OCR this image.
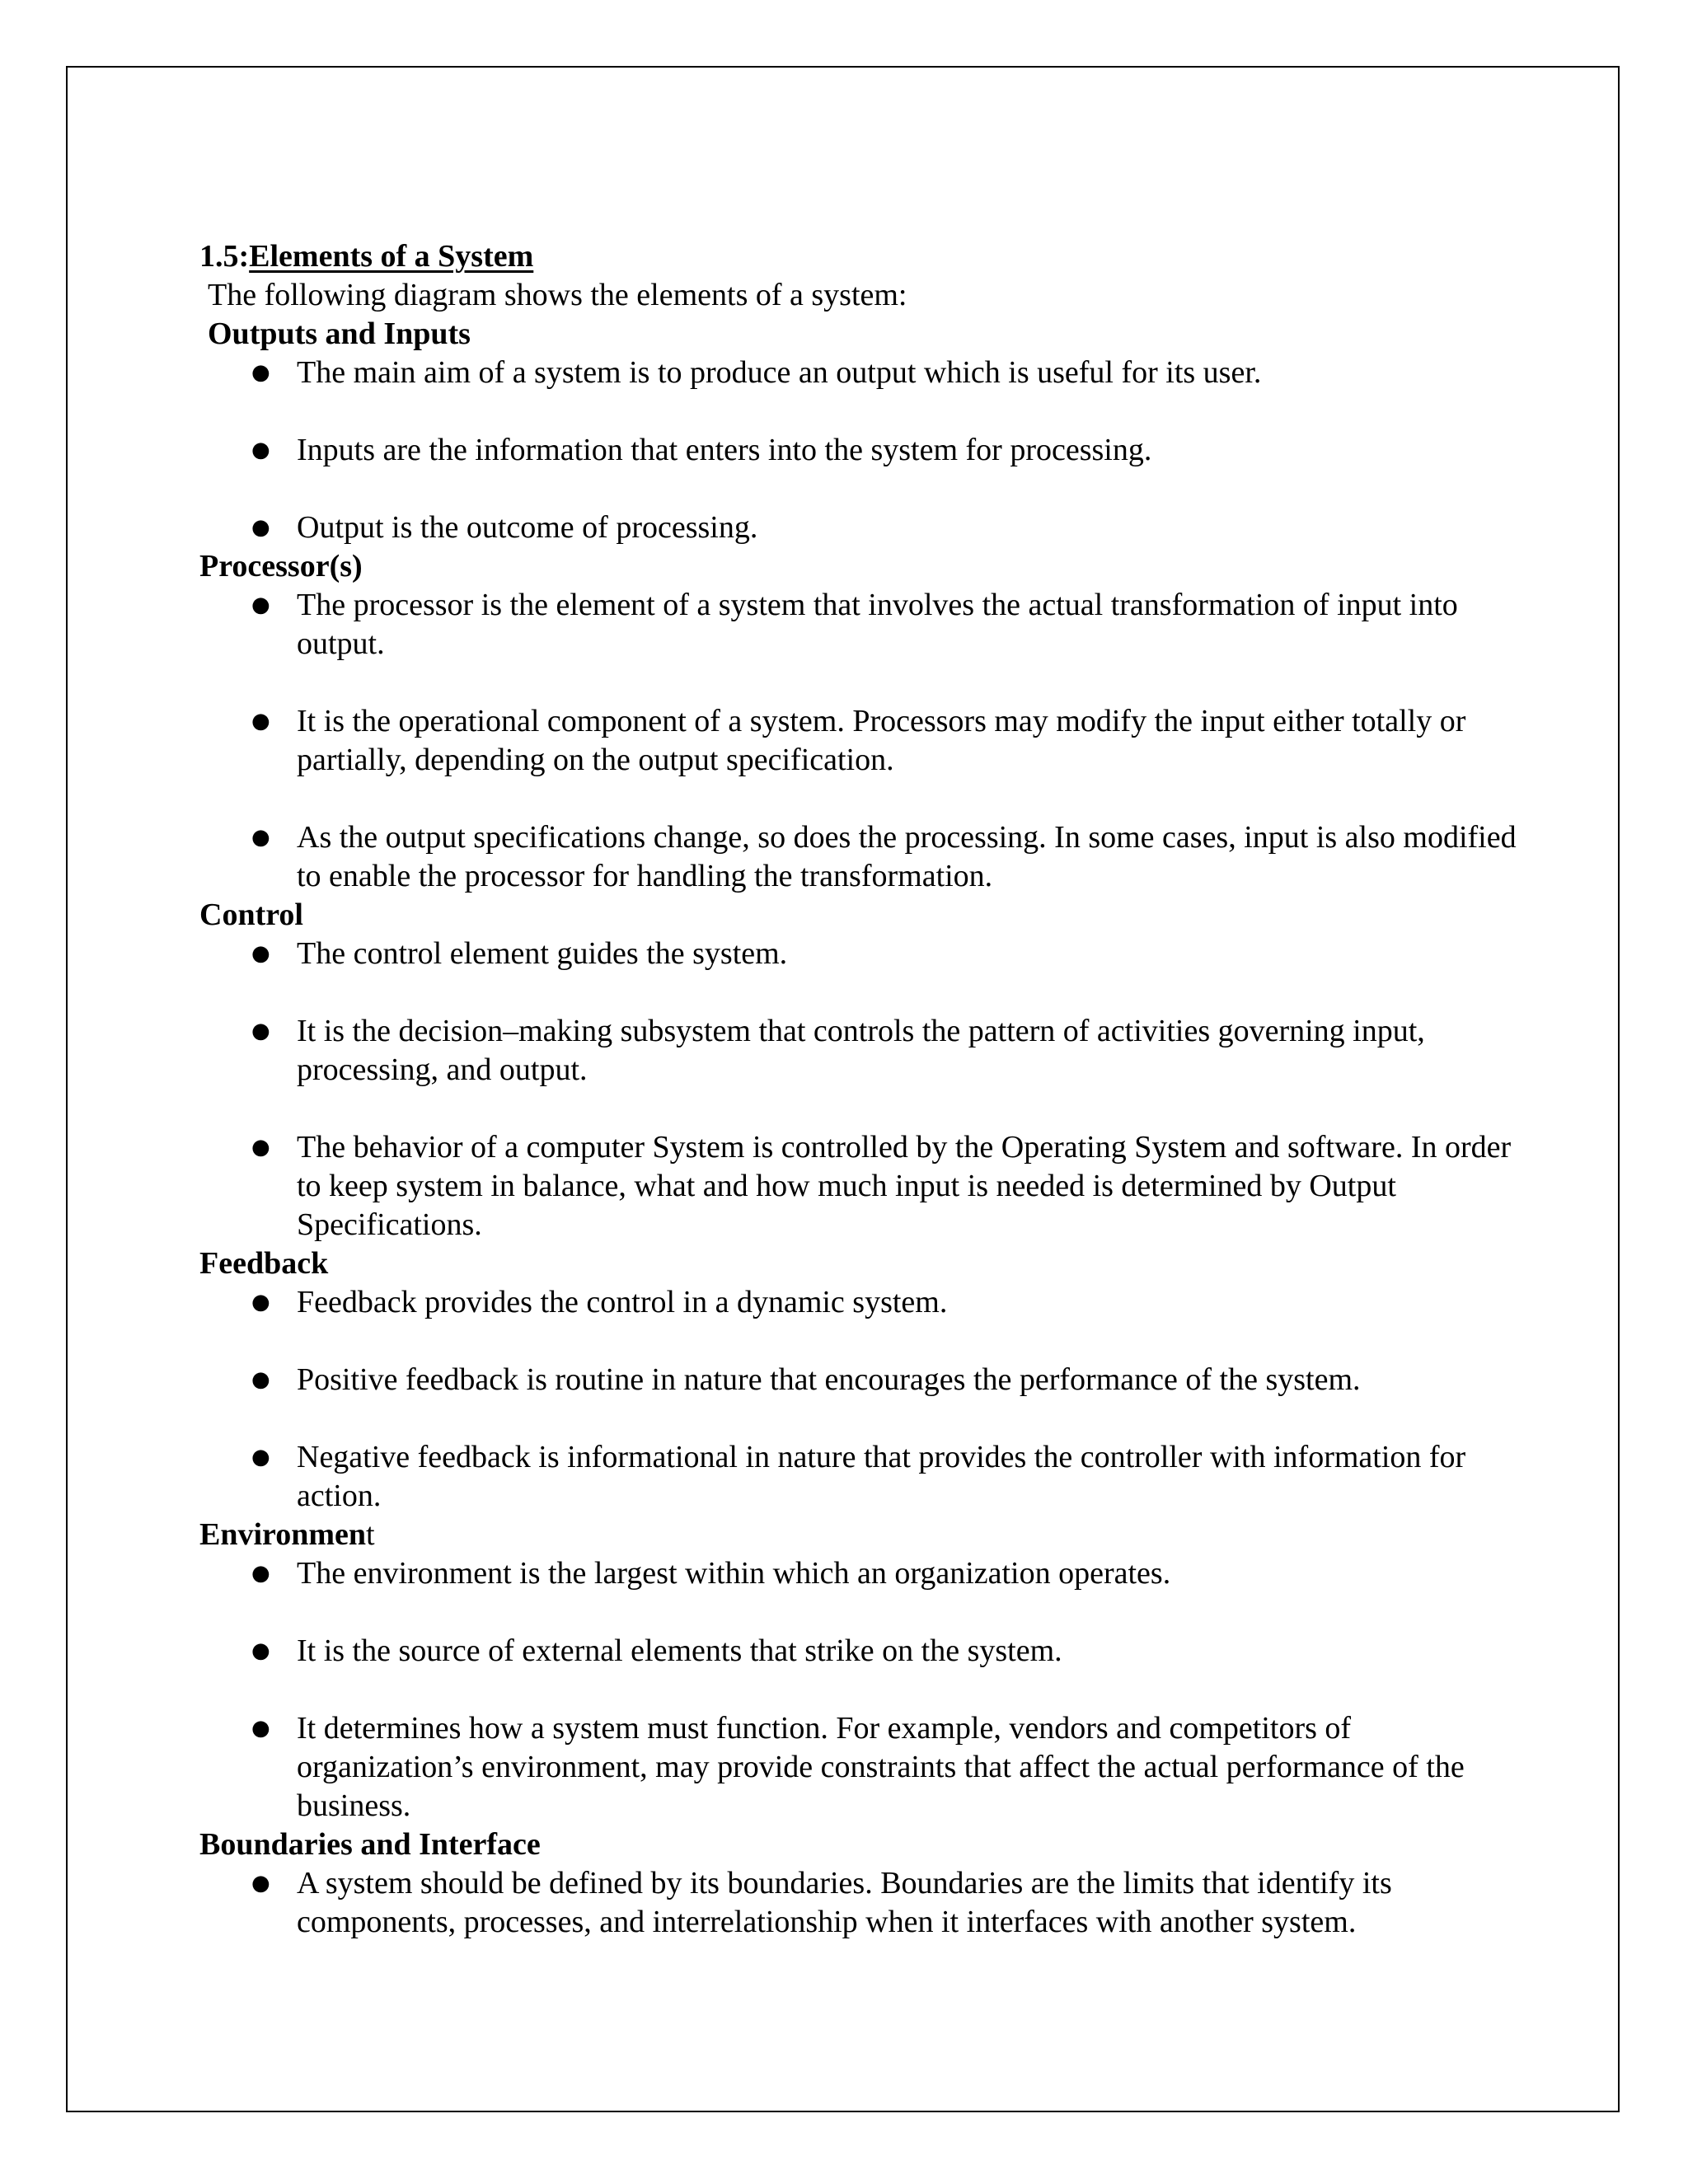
1.5:Elements of a System
The following diagram shows the elements of a system:
Outputs and Inputs
● The main aim of a system is to produce an output which is useful for its user.
● Inputs are the information that enters into the system for processing.
● Output is the outcome of processing.
Processor(s)
● The processor is the element of a system that involves the actual transformation of input into output.
● It is the operational component of a system. Processors may modify the input either totally or partially, depending on the output specification.
● As the output specifications change, so does the processing. In some cases, input is also modified to enable the processor for handling the transformation.
Control
● The control element guides the system.
● It is the decision–making subsystem that controls the pattern of activities governing input, processing, and output.
● The behavior of a computer System is controlled by the Operating System and software. In order to keep system in balance, what and how much input is needed is determined by Output Specifications.
Feedback
● Feedback provides the control in a dynamic system.
● Positive feedback is routine in nature that encourages the performance of the system.
● Negative feedback is informational in nature that provides the controller with information for action.
Environment
● The environment is the largest within which an organization operates.
● It is the source of external elements that strike on the system.
● It determines how a system must function. For example, vendors and competitors of organization’s environment, may provide constraints that affect the actual performance of the business.
Boundaries and Interface
● A system should be defined by its boundaries. Boundaries are the limits that identify its components, processes, and interrelationship when it interfaces with another system.
